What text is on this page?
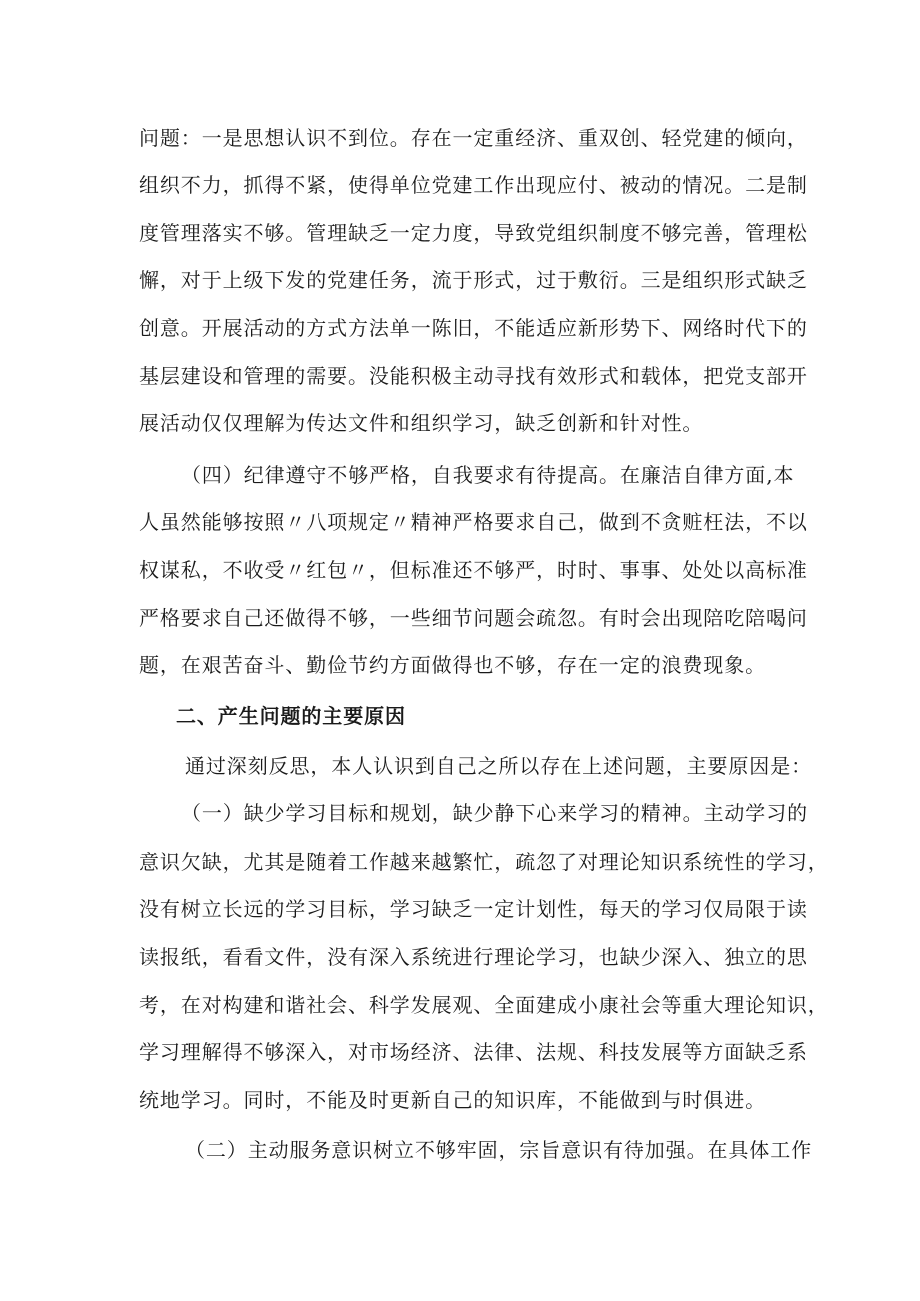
问题：一是思想认识不到位。存在一定重经济、重双创、轻党建的倾向，
组织不力，抓得不紧，使得单位党建工作出现应付、被动的情况。二是制
度管理落实不够。管理缺乏一定力度，导致党组织制度不够完善，管理松
懈，对于上级下发的党建任务，流于形式，过于敷衍。三是组织形式缺乏
创意。开展活动的方式方法单一陈旧，不能适应新形势下、网络时代下的
基层建设和管理的需要。没能积极主动寻找有效形式和载体，把党支部开
展活动仅仅理解为传达文件和组织学习，缺乏创新和针对性。
（四）纪律遵守不够严格，自我要求有待提高。在廉洁自律方面,本
人虽然能够按照〃八项规定〃精神严格要求自己，做到不贪赃枉法，不以
权谋私，不收受〃红包〃，但标准还不够严，时时、事事、处处以高标准
严格要求自己还做得不够，一些细节问题会疏忽。有时会出现陪吃陪喝问
题，在艰苦奋斗、勤俭节约方面做得也不够，存在一定的浪费现象。
二、产生问题的主要原因
通过深刻反思，本人认识到自己之所以存在上述问题，主要原因是：
（一）缺少学习目标和规划，缺少静下心来学习的精神。主动学习的
意识欠缺，尤其是随着工作越来越繁忙，疏忽了对理论知识系统性的学习，
没有树立长远的学习目标，学习缺乏一定计划性，每天的学习仅局限于读
读报纸，看看文件，没有深入系统进行理论学习，也缺少深入、独立的思
考，在对构建和谐社会、科学发展观、全面建成小康社会等重大理论知识，
学习理解得不够深入，对市场经济、法律、法规、科技发展等方面缺乏系
统地学习。同时，不能及时更新自己的知识库，不能做到与时俱进。
（二）主动服务意识树立不够牢固，宗旨意识有待加强。在具体工作
